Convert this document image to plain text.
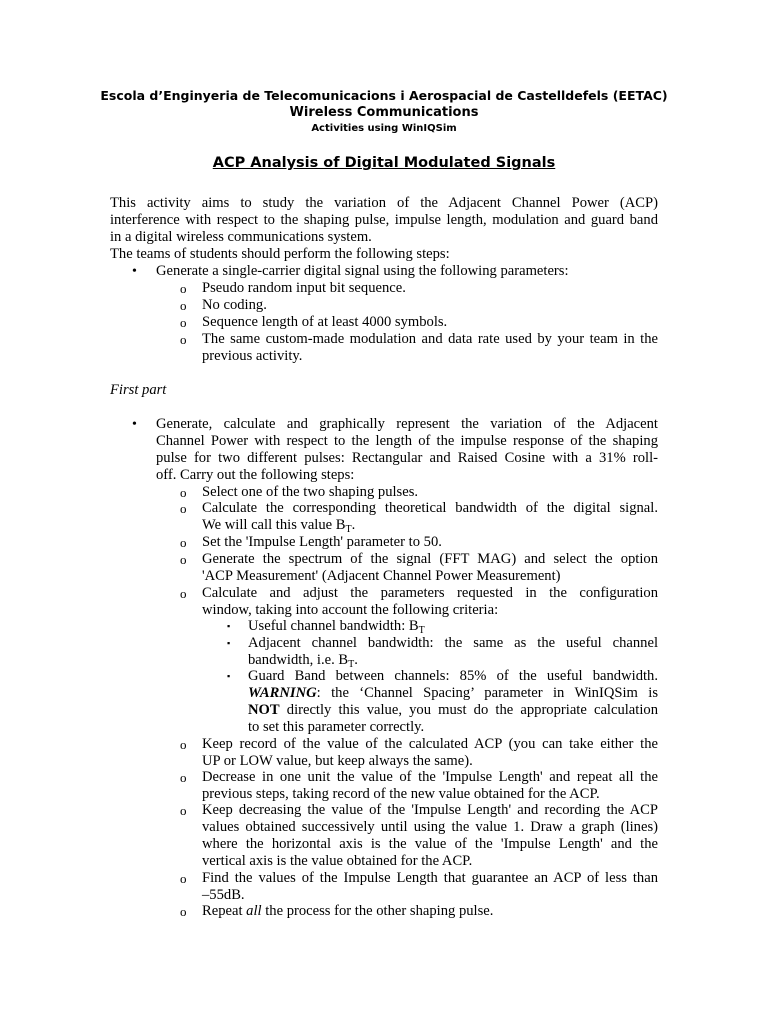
Escola d’Enginyeria de Telecomunicacions i Aerospacial de Castelldefels (EETAC)
Wireless Communications
Activities using WinIQSim
ACP Analysis of Digital Modulated Signals
This activity aims to study the variation of the Adjacent Channel Power (ACP)
interference with respect to the shaping pulse, impulse length, modulation and guard band
in a digital wireless communications system.
The teams of students should perform the following steps:
• Generate a single-carrier digital signal using the following parameters:
o Pseudo random input bit sequence.
o No coding.
o Sequence length of at least 4000 symbols.
o The same custom-made modulation and data rate used by your team in the
previous activity.
First part
• Generate, calculate and graphically represent the variation of the Adjacent
Channel Power with respect to the length of the impulse response of the shaping
pulse for two different pulses: Rectangular and Raised Cosine with a 31% roll-
off. Carry out the following steps:
o Select one of the two shaping pulses.
o Calculate the corresponding theoretical bandwidth of the digital signal.
We will call this value $B_T$.
o Set the 'Impulse Length' parameter to 50.
o Generate the spectrum of the signal (FFT MAG) and select the option
'ACP Measurement' (Adjacent Channel Power Measurement)
o Calculate and adjust the parameters requested in the configuration
window, taking into account the following criteria:
▪ Useful channel bandwidth: $B_T$
▪ Adjacent channel bandwidth: the same as the useful channel
bandwidth, i.e. $B_T$.
▪ Guard Band between channels: 85% of the useful bandwidth.
WARNING: the ‘Channel Spacing’ parameter in WinIQSim is
NOT directly this value, you must do the appropriate calculation
to set this parameter correctly.
o Keep record of the value of the calculated ACP (you can take either the
UP or LOW value, but keep always the same).
o Decrease in one unit the value of the 'Impulse Length' and repeat all the
previous steps, taking record of the new value obtained for the ACP.
o Keep decreasing the value of the 'Impulse Length' and recording the ACP
values obtained successively until using the value 1. Draw a graph (lines)
where the horizontal axis is the value of the 'Impulse Length' and the
vertical axis is the value obtained for the ACP.
o Find the values of the Impulse Length that guarantee an ACP of less than
–55dB.
o Repeat all the process for the other shaping pulse.
